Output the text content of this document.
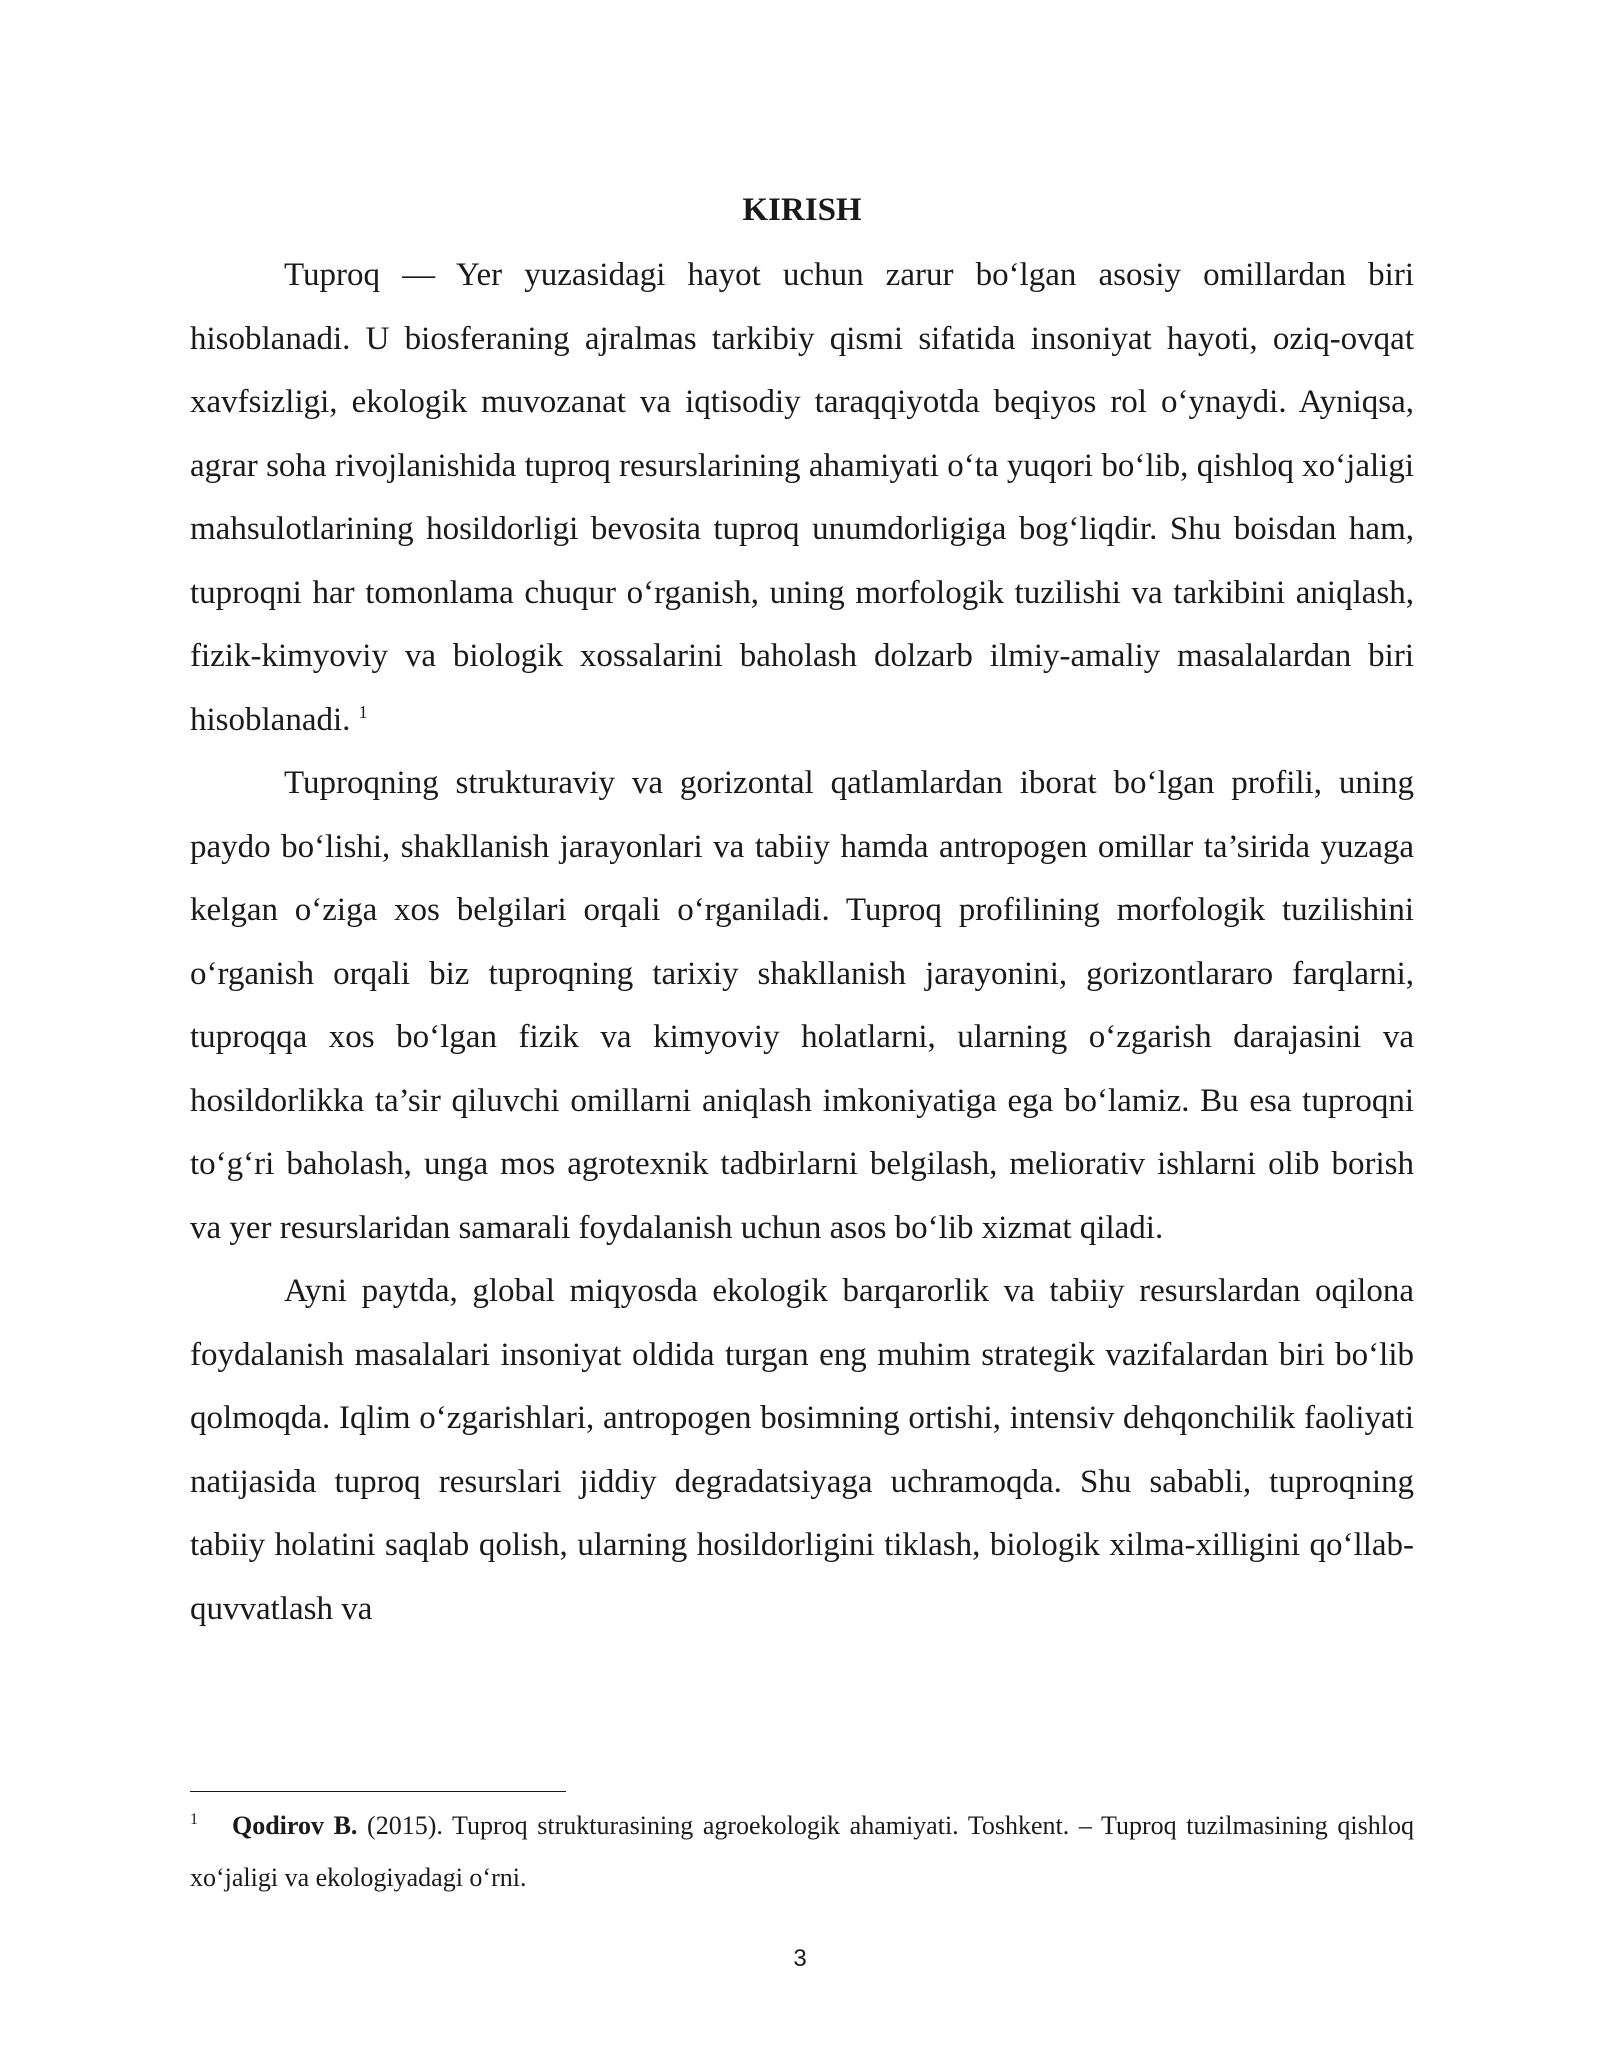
KIRISH

Tuproq — Yer yuzasidagi hayot uchun zarur bo‘lgan asosiy omillardan biri hisoblanadi. U biosferaning ajralmas tarkibiy qismi sifatida insoniyat hayoti, oziq-ovqat xavfsizligi, ekologik muvozanat va iqtisodiy taraqqiyotda beqiyos rol o‘ynaydi. Ayniqsa, agrar soha rivojlanishida tuproq resurslarining ahamiyati o‘ta yuqori bo‘lib, qishloq xo‘jaligi mahsulotlarining hosildorligi bevosita tuproq unumdorligiga bog‘liqdir. Shu boisdan ham, tuproqni har tomonlama chuqur o‘rganish, uning morfologik tuzilishi va tarkibini aniqlash, fizik-kimyoviy va biologik xossalarini baholash dolzarb ilmiy-amaliy masalalardan biri hisoblanadi. $^1$

Tuproqning strukturaviy va gorizontal qatlamlardan iborat bo‘lgan profili, uning paydo bo‘lishi, shakllanish jarayonlari va tabiiy hamda antropogen omillar ta’sirida yuzaga kelgan o‘ziga xos belgilari orqali o‘rganiladi. Tuproq profilining morfologik tuzilishini o‘rganish orqali biz tuproqning tarixiy shakllanish jarayonini, gorizontlararo farqlarni, tuproqqa xos bo‘lgan fizik va kimyoviy holatlarni, ularning o‘zgarish darajasini va hosildorlikka ta’sir qiluvchi omillarni aniqlash imkoniyatiga ega bo‘lamiz. Bu esa tuproqni to‘g‘ri baholash, unga mos agrotexnik tadbirlarni belgilash, meliorativ ishlarni olib borish va yer resurslaridan samarali foydalanish uchun asos bo‘lib xizmat qiladi.

Ayni paytda, global miqyosda ekologik barqarorlik va tabiiy resurslardan oqilona foydalanish masalalari insoniyat oldida turgan eng muhim strategik vazifalardan biri bo‘lib qolmoqda. Iqlim o‘zgarishlari, antropogen bosimning ortishi, intensiv dehqonchilik faoliyati natijasida tuproq resurslari jiddiy degradatsiyaga uchramoqda. Shu sababli, tuproqning tabiiy holatini saqlab qolish, ularning hosildorligini tiklash, biologik xilma-xilligini qo‘llab-quvvatlash va

$^1$ Qodirov B. (2015). Tuproq strukturasining agroekologik ahamiyati. Toshkent. – Tuproq tuzilmasining qishloq xo‘jaligi va ekologiyadagi o‘rni.

3
